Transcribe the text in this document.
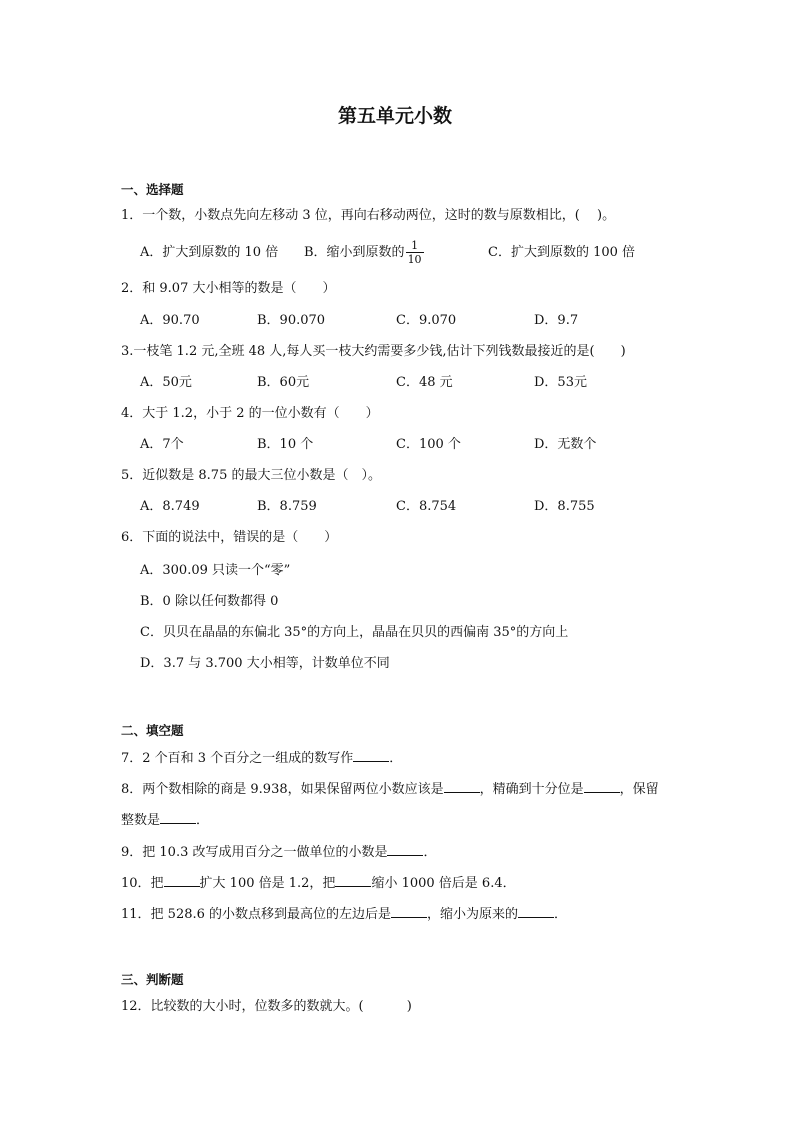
第五单元小数
一、选择题
1．一个数，小数点先向左移动 3 位，再向右移动两位，这时的数与原数相比，(　 )。
A．扩大到原数的 10 倍 B．缩小到原数的 $\frac{1}{10}$	C．扩大到原数的 100 倍
2．和 9.07 大小相等的数是（　　）
A．90.70	B．90.070	C．9.070	D．9.7
3.一枝笔 1.2 元,全班 48 人,每人买一枝大约需要多少钱,估计下列钱数最接近的是(　　)
A．50元	B．60元	C．48 元	D．53元
4．大于 1.2，小于 2 的一位小数有（　　）
A．7个	B．10 个	C．100 个	D．无数个
5．近似数是 8.75 的最大三位小数是（　）。
A．8.749	B．8.759	C．8.754	D．8.755
6．下面的说法中，错误的是（　　）
A．300.09 只读一个“零”
B．0 除以任何数都得 0
C．贝贝在晶晶的东偏北 35°的方向上，晶晶在贝贝的西偏南 35°的方向上
D．3.7 与 3.700 大小相等，计数单位不同
二、填空题
7．2 个百和 3 个百分之一组成的数写作	．
8．两个数相除的商是 9.938，如果保留两位小数应该是	，精确到十分位是	，保留
整数是	．
9．把 10.3 改写成用百分之一做单位的小数是	．
10．把	扩大 100 倍是 1.2，把	缩小 1000 倍后是 6.4．
11．把 528.6 的小数点移到最高位的左边后是	，缩小为原来的	．
三、判断题
12．比较数的大小时，位数多的数就大。(　　　 )
